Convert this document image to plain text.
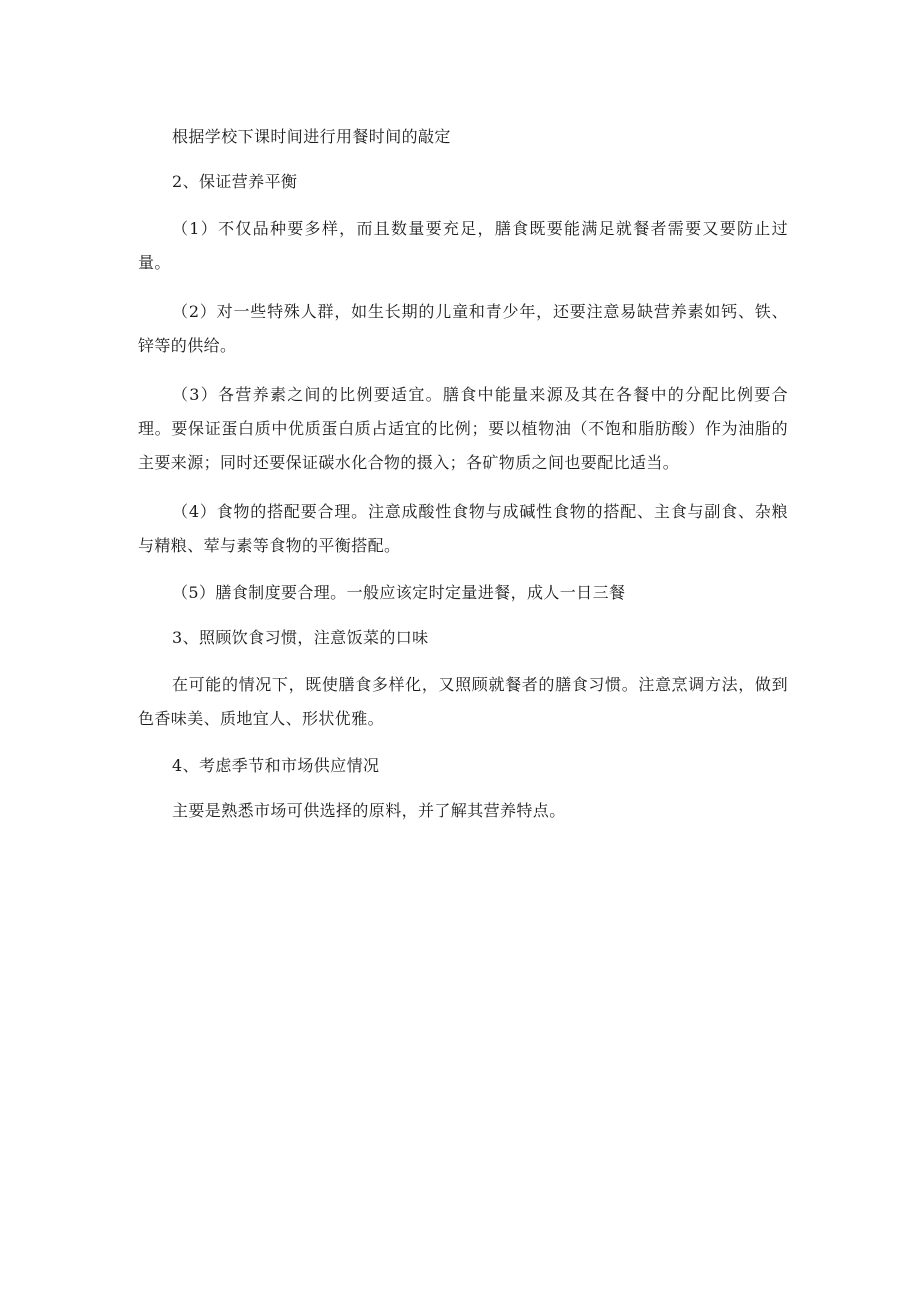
根据学校下课时间进行用餐时间的敲定

2、保证营养平衡

（1）不仅品种要多样，而且数量要充足，膳食既要能满足就餐者需要又要防止过量。

（2）对一些特殊人群，如生长期的儿童和青少年，还要注意易缺营养素如钙、铁、锌等的供给。

（3）各营养素之间的比例要适宜。膳食中能量来源及其在各餐中的分配比例要合理。要保证蛋白质中优质蛋白质占适宜的比例；要以植物油（不饱和脂肪酸）作为油脂的主要来源；同时还要保证碳水化合物的摄入；各矿物质之间也要配比适当。

（4）食物的搭配要合理。注意成酸性食物与成碱性食物的搭配、主食与副食、杂粮与精粮、荤与素等食物的平衡搭配。

（5）膳食制度要合理。一般应该定时定量进餐，成人一日三餐

3、照顾饮食习惯，注意饭菜的口味

在可能的情况下，既使膳食多样化，又照顾就餐者的膳食习惯。注意烹调方法，做到色香味美、质地宜人、形状优雅。

4、考虑季节和市场供应情况

主要是熟悉市场可供选择的原料，并了解其营养特点。
